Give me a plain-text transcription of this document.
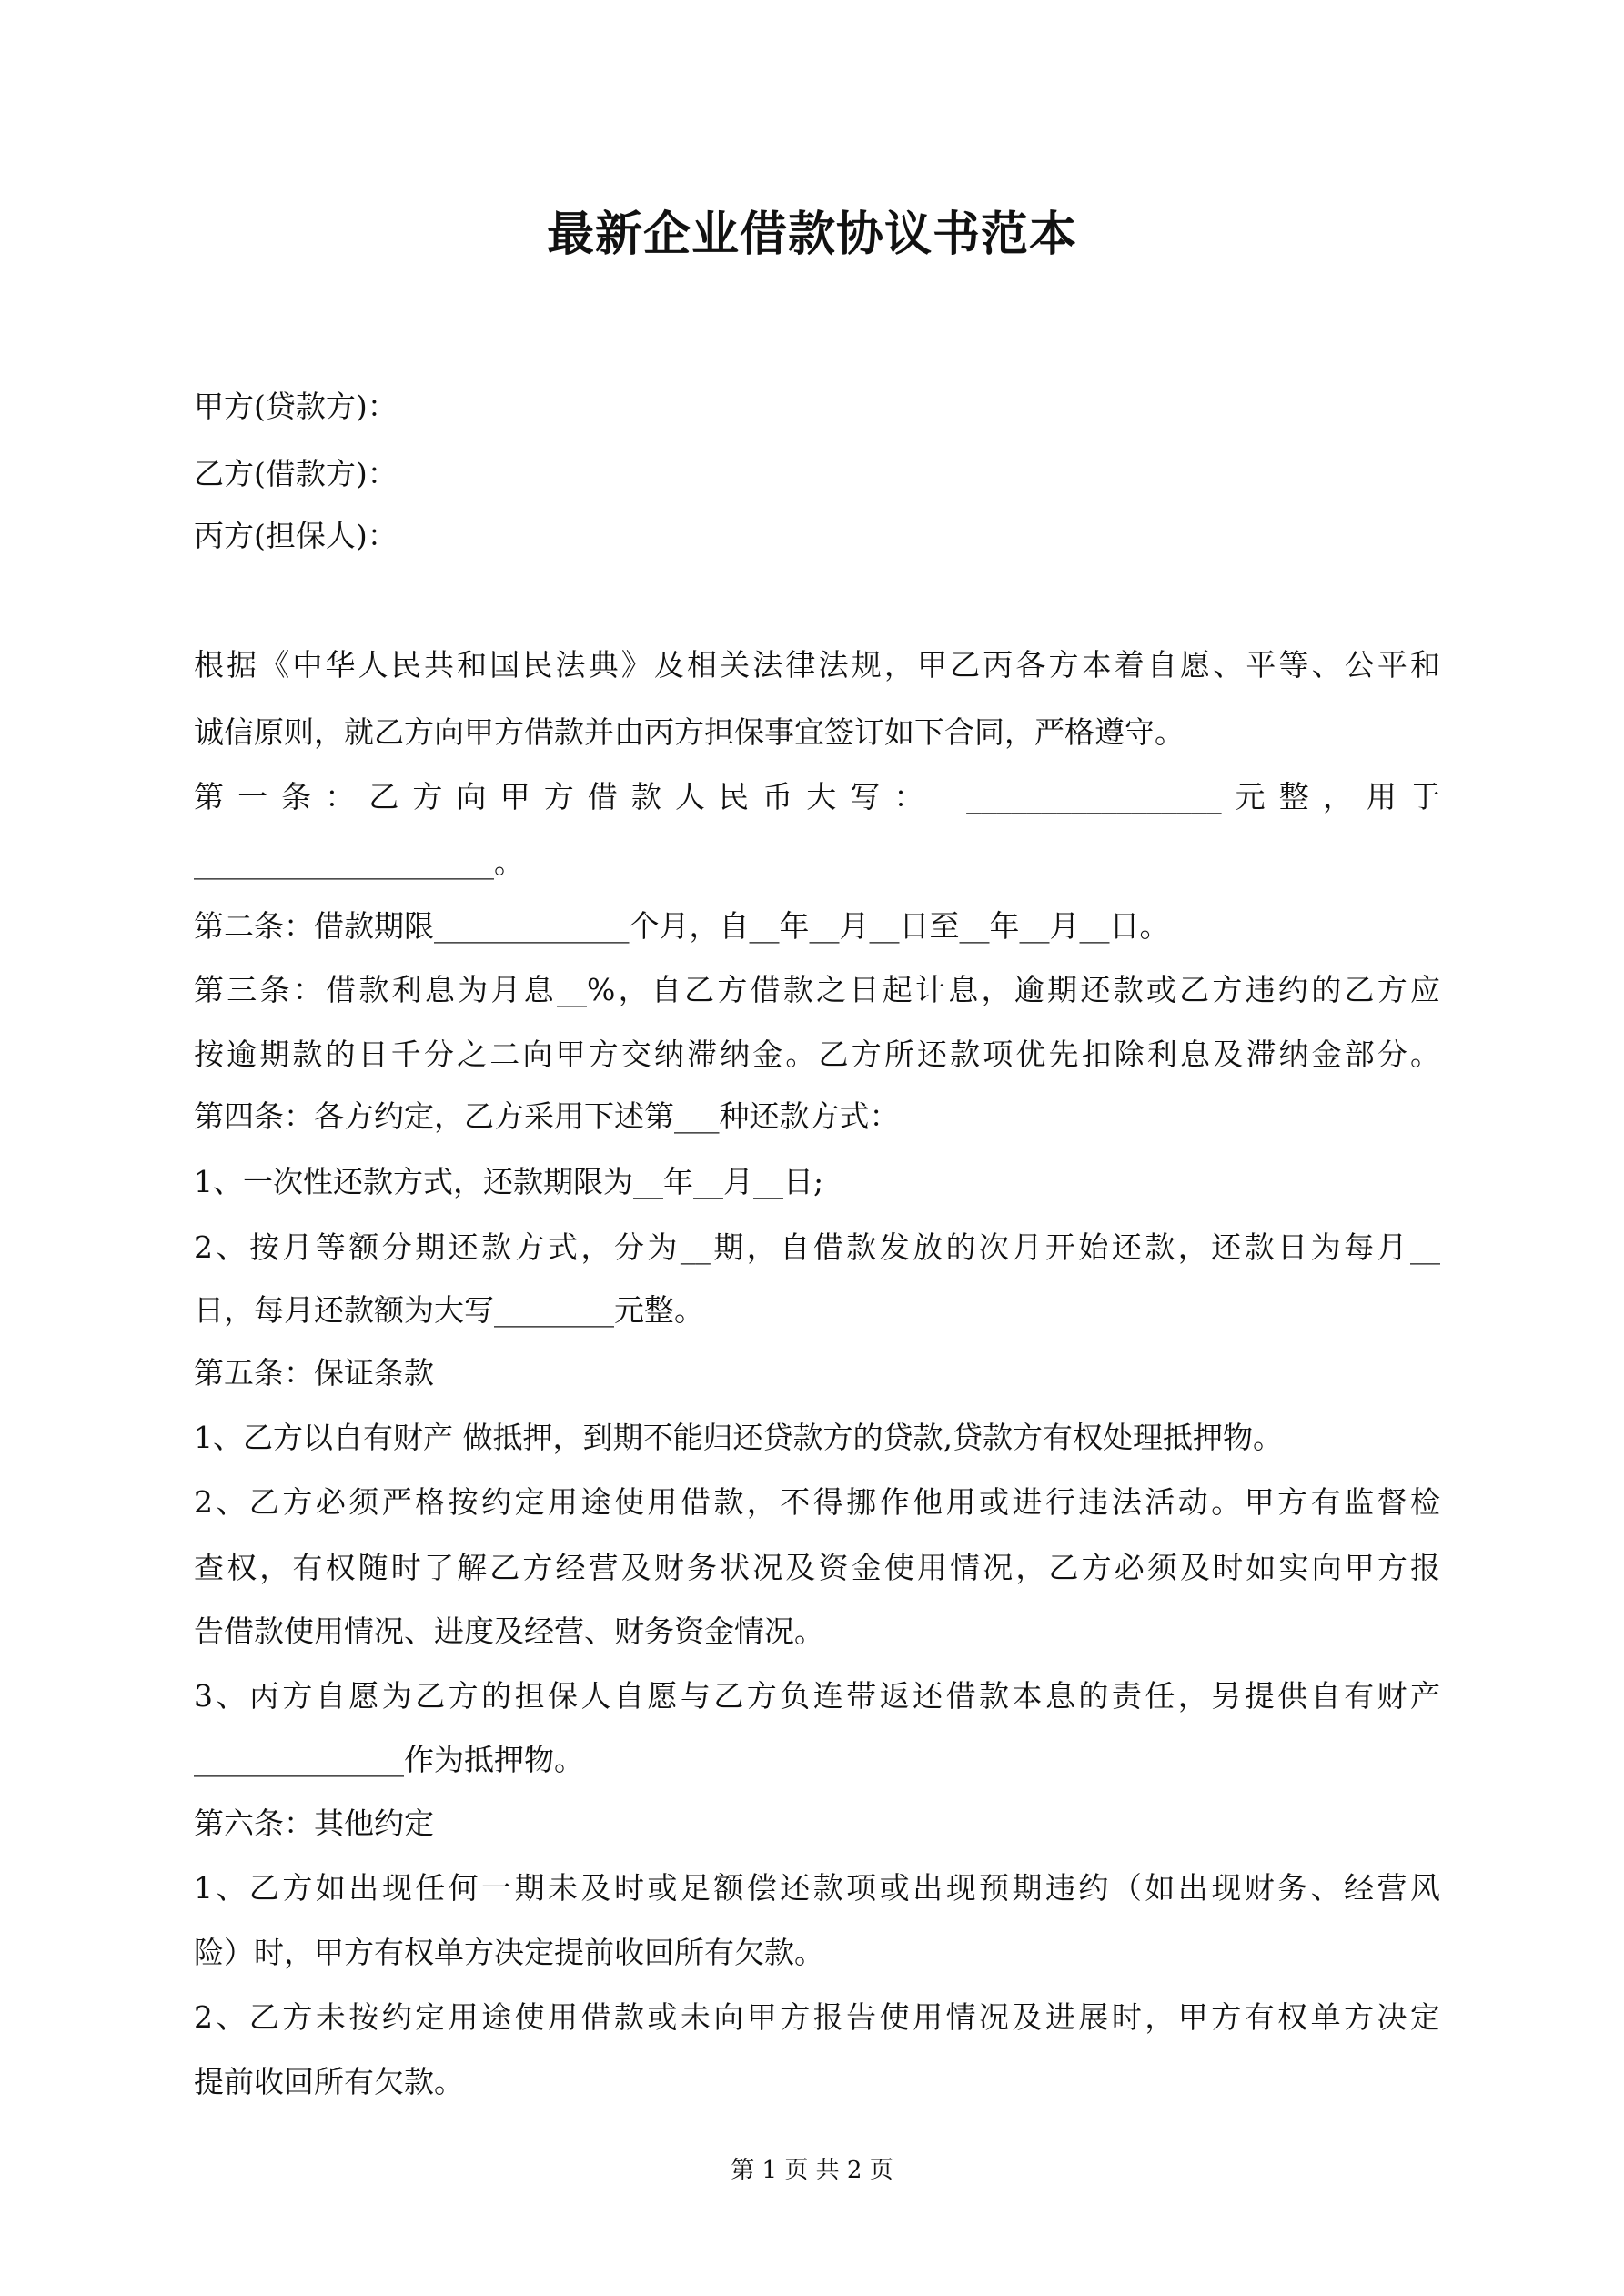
最新企业借款协议书范本
甲方(贷款方)：
乙方(借款方)：
丙方(担保人)：
根据《中华人民共和国民法典》及相关法律法规，甲乙丙各方本着自愿、平等、公平和
诚信原则，就乙方向甲方借款并由丙方担保事宜签订如下合同，严格遵守。
第一条：乙方向甲方借款人民币大写：　_________________元整，用于
____________________。
第二条：借款期限_____________个月，自__年__月__日至__年__月__日。
第三条：借款利息为月息__%，自乙方借款之日起计息，逾期还款或乙方违约的乙方应
按逾期款的日千分之二向甲方交纳滞纳金。乙方所还款项优先扣除利息及滞纳金部分。
第四条：各方约定，乙方采用下述第___种还款方式：
1、一次性还款方式，还款期限为__年__月__日;
2、按月等额分期还款方式，分为__期，自借款发放的次月开始还款，还款日为每月__
日，每月还款额为大写________元整。
第五条：保证条款
1、乙方以自有财产 做抵押，到期不能归还贷款方的贷款,贷款方有权处理抵押物。
2、乙方必须严格按约定用途使用借款，不得挪作他用或进行违法活动。甲方有监督检
查权，有权随时了解乙方经营及财务状况及资金使用情况，乙方必须及时如实向甲方报
告借款使用情况、进度及经营、财务资金情况。
3、丙方自愿为乙方的担保人自愿与乙方负连带返还借款本息的责任，另提供自有财产
______________作为抵押物。
第六条：其他约定
1、乙方如出现任何一期未及时或足额偿还款项或出现预期违约（如出现财务、经营风
险）时，甲方有权单方决定提前收回所有欠款。
2、乙方未按约定用途使用借款或未向甲方报告使用情况及进展时，甲方有权单方决定
提前收回所有欠款。
第 1 页 共 2 页
